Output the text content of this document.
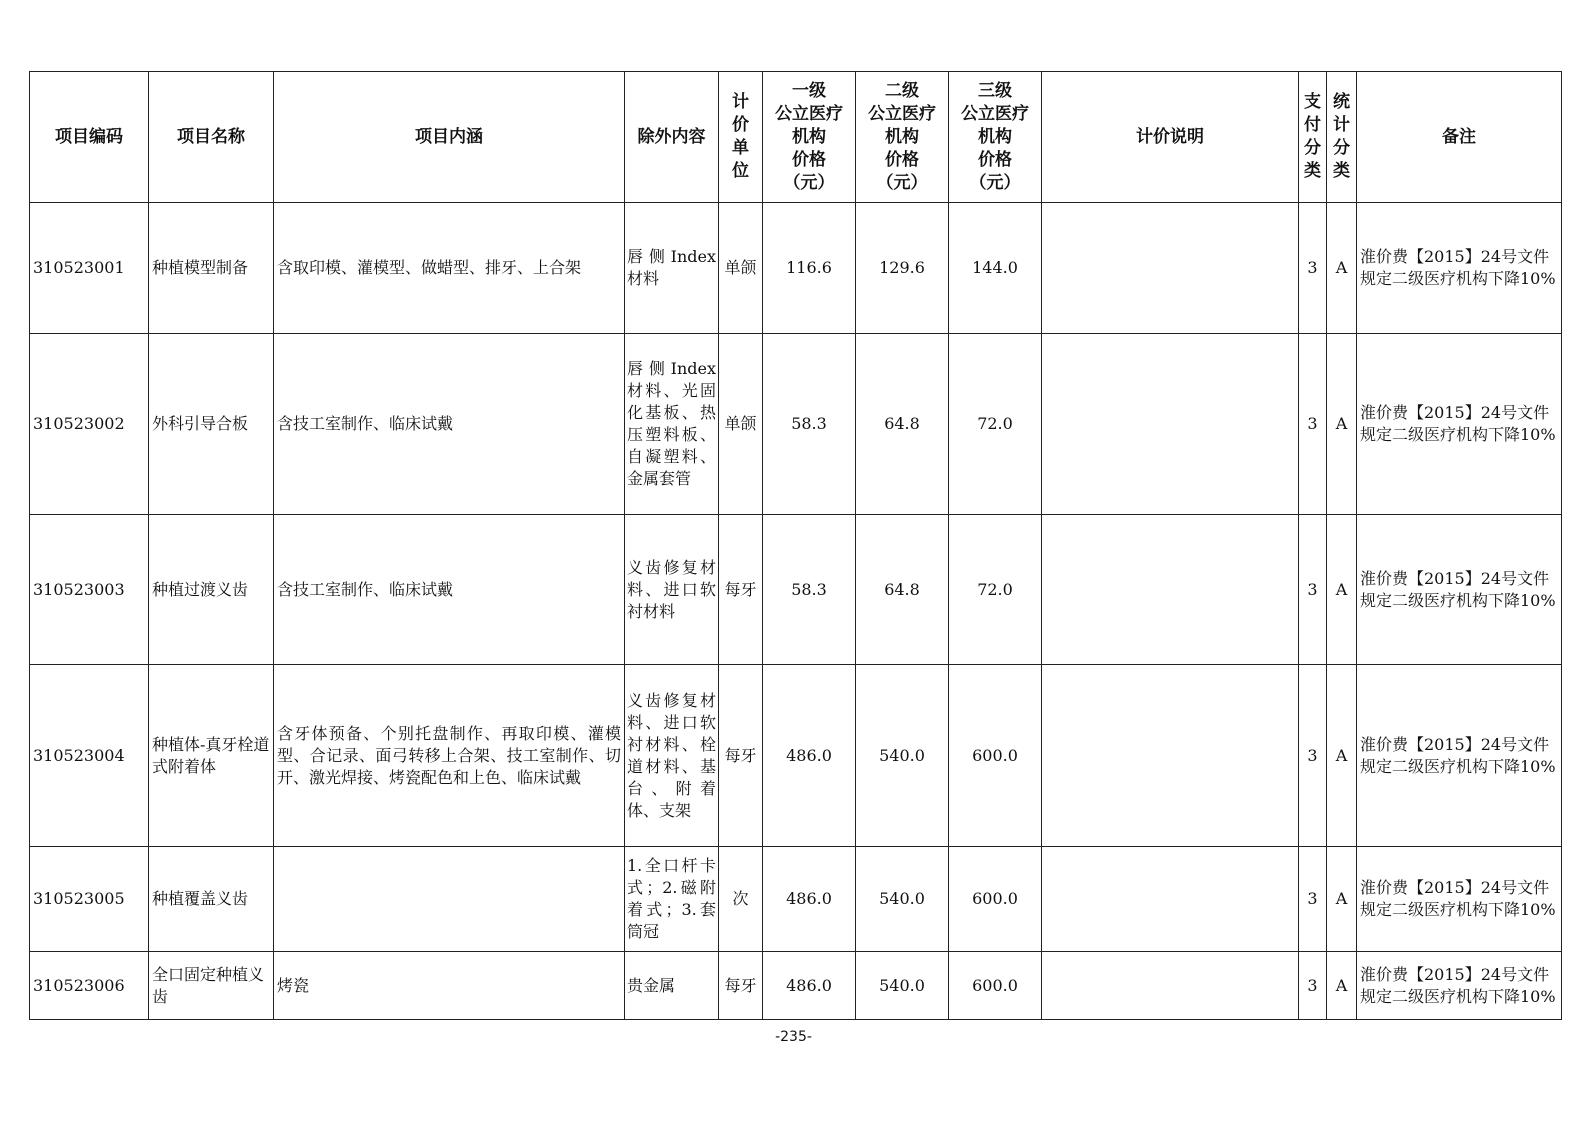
项目编码	项目名称	项目内涵	除外内容	计价单位	一级
公立医疗
机构
价格
（元）	二级
公立医疗
机构
价格
（元）	三级
公立医疗
机构
价格
（元）	计价说明	支付分类	统计分类	备注
310523001	种植模型制备	含取印模、灌模型、做蜡型、排牙、上合架	唇侧Index材料	单颌	116.6	129.6	144.0		3	A	淮价费【2015】24号文件规定二级医疗机构下降10%
310523002	外科引导合板	含技工室制作、临床试戴	唇侧Index材料、光固化基板、热压塑料板、自凝塑料、金属套管	单颌	58.3	64.8	72.0		3	A	淮价费【2015】24号文件规定二级医疗机构下降10%
310523003	种植过渡义齿	含技工室制作、临床试戴	义齿修复材料、进口软衬材料	每牙	58.3	64.8	72.0		3	A	淮价费【2015】24号文件规定二级医疗机构下降10%
310523004	种植体-真牙栓道式附着体	含牙体预备、个别托盘制作、再取印模、灌模型、合记录、面弓转移上合架、技工室制作、切开、激光焊接、烤瓷配色和上色、临床试戴	义齿修复材料、进口软衬材料、栓道材料、基台、附着体、支架	每牙	486.0	540.0	600.0		3	A	淮价费【2015】24号文件规定二级医疗机构下降10%
310523005	种植覆盖义齿		1.全口杆卡式；2.磁附着式；3.套筒冠	次	486.0	540.0	600.0		3	A	淮价费【2015】24号文件规定二级医疗机构下降10%
310523006	全口固定种植义齿	烤瓷	贵金属	每牙	486.0	540.0	600.0		3	A	淮价费【2015】24号文件规定二级医疗机构下降10%
-235-
